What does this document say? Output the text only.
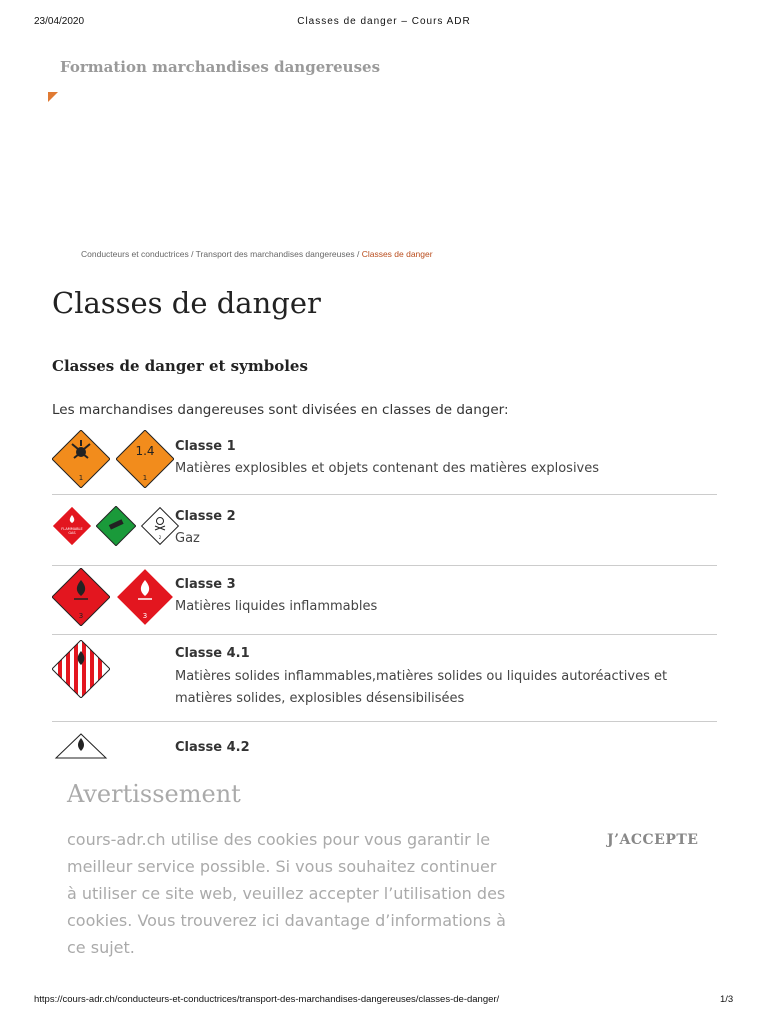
23/04/2020	Classes de danger – Cours ADR
Formation marchandises dangereuses
Conducteurs et conductrices / Transport des marchandises dangereuses / Classes de danger
Classes de danger
Classes de danger et symboles
Les marchandises dangereuses sont divisées en classes de danger:
1
1.4
1
Classe 1
Matières explosibles et objets contenant des matières explosives
FLAMMABLE
GAS
2
Classe 2
Gaz
3	3
Classe 3
Matières liquides inflammables
Classe 4.1
Matières solides inflammables,matières solides ou liquides autoréactives et matières solides, explosibles désensibilisées
Classe 4.2
Avertissement
cours-adr.ch utilise des cookies pour vous garantir le meilleur service possible. Si vous souhaitez continuer à utiliser ce site web, veuillez accepter l’utilisation des cookies. Vous trouverez ici davantage d’informations à ce sujet.
J’ACCEPTE
https://cours-adr.ch/conducteurs-et-conductrices/transport-des-marchandises-dangereuses/classes-de-danger/	1/3
